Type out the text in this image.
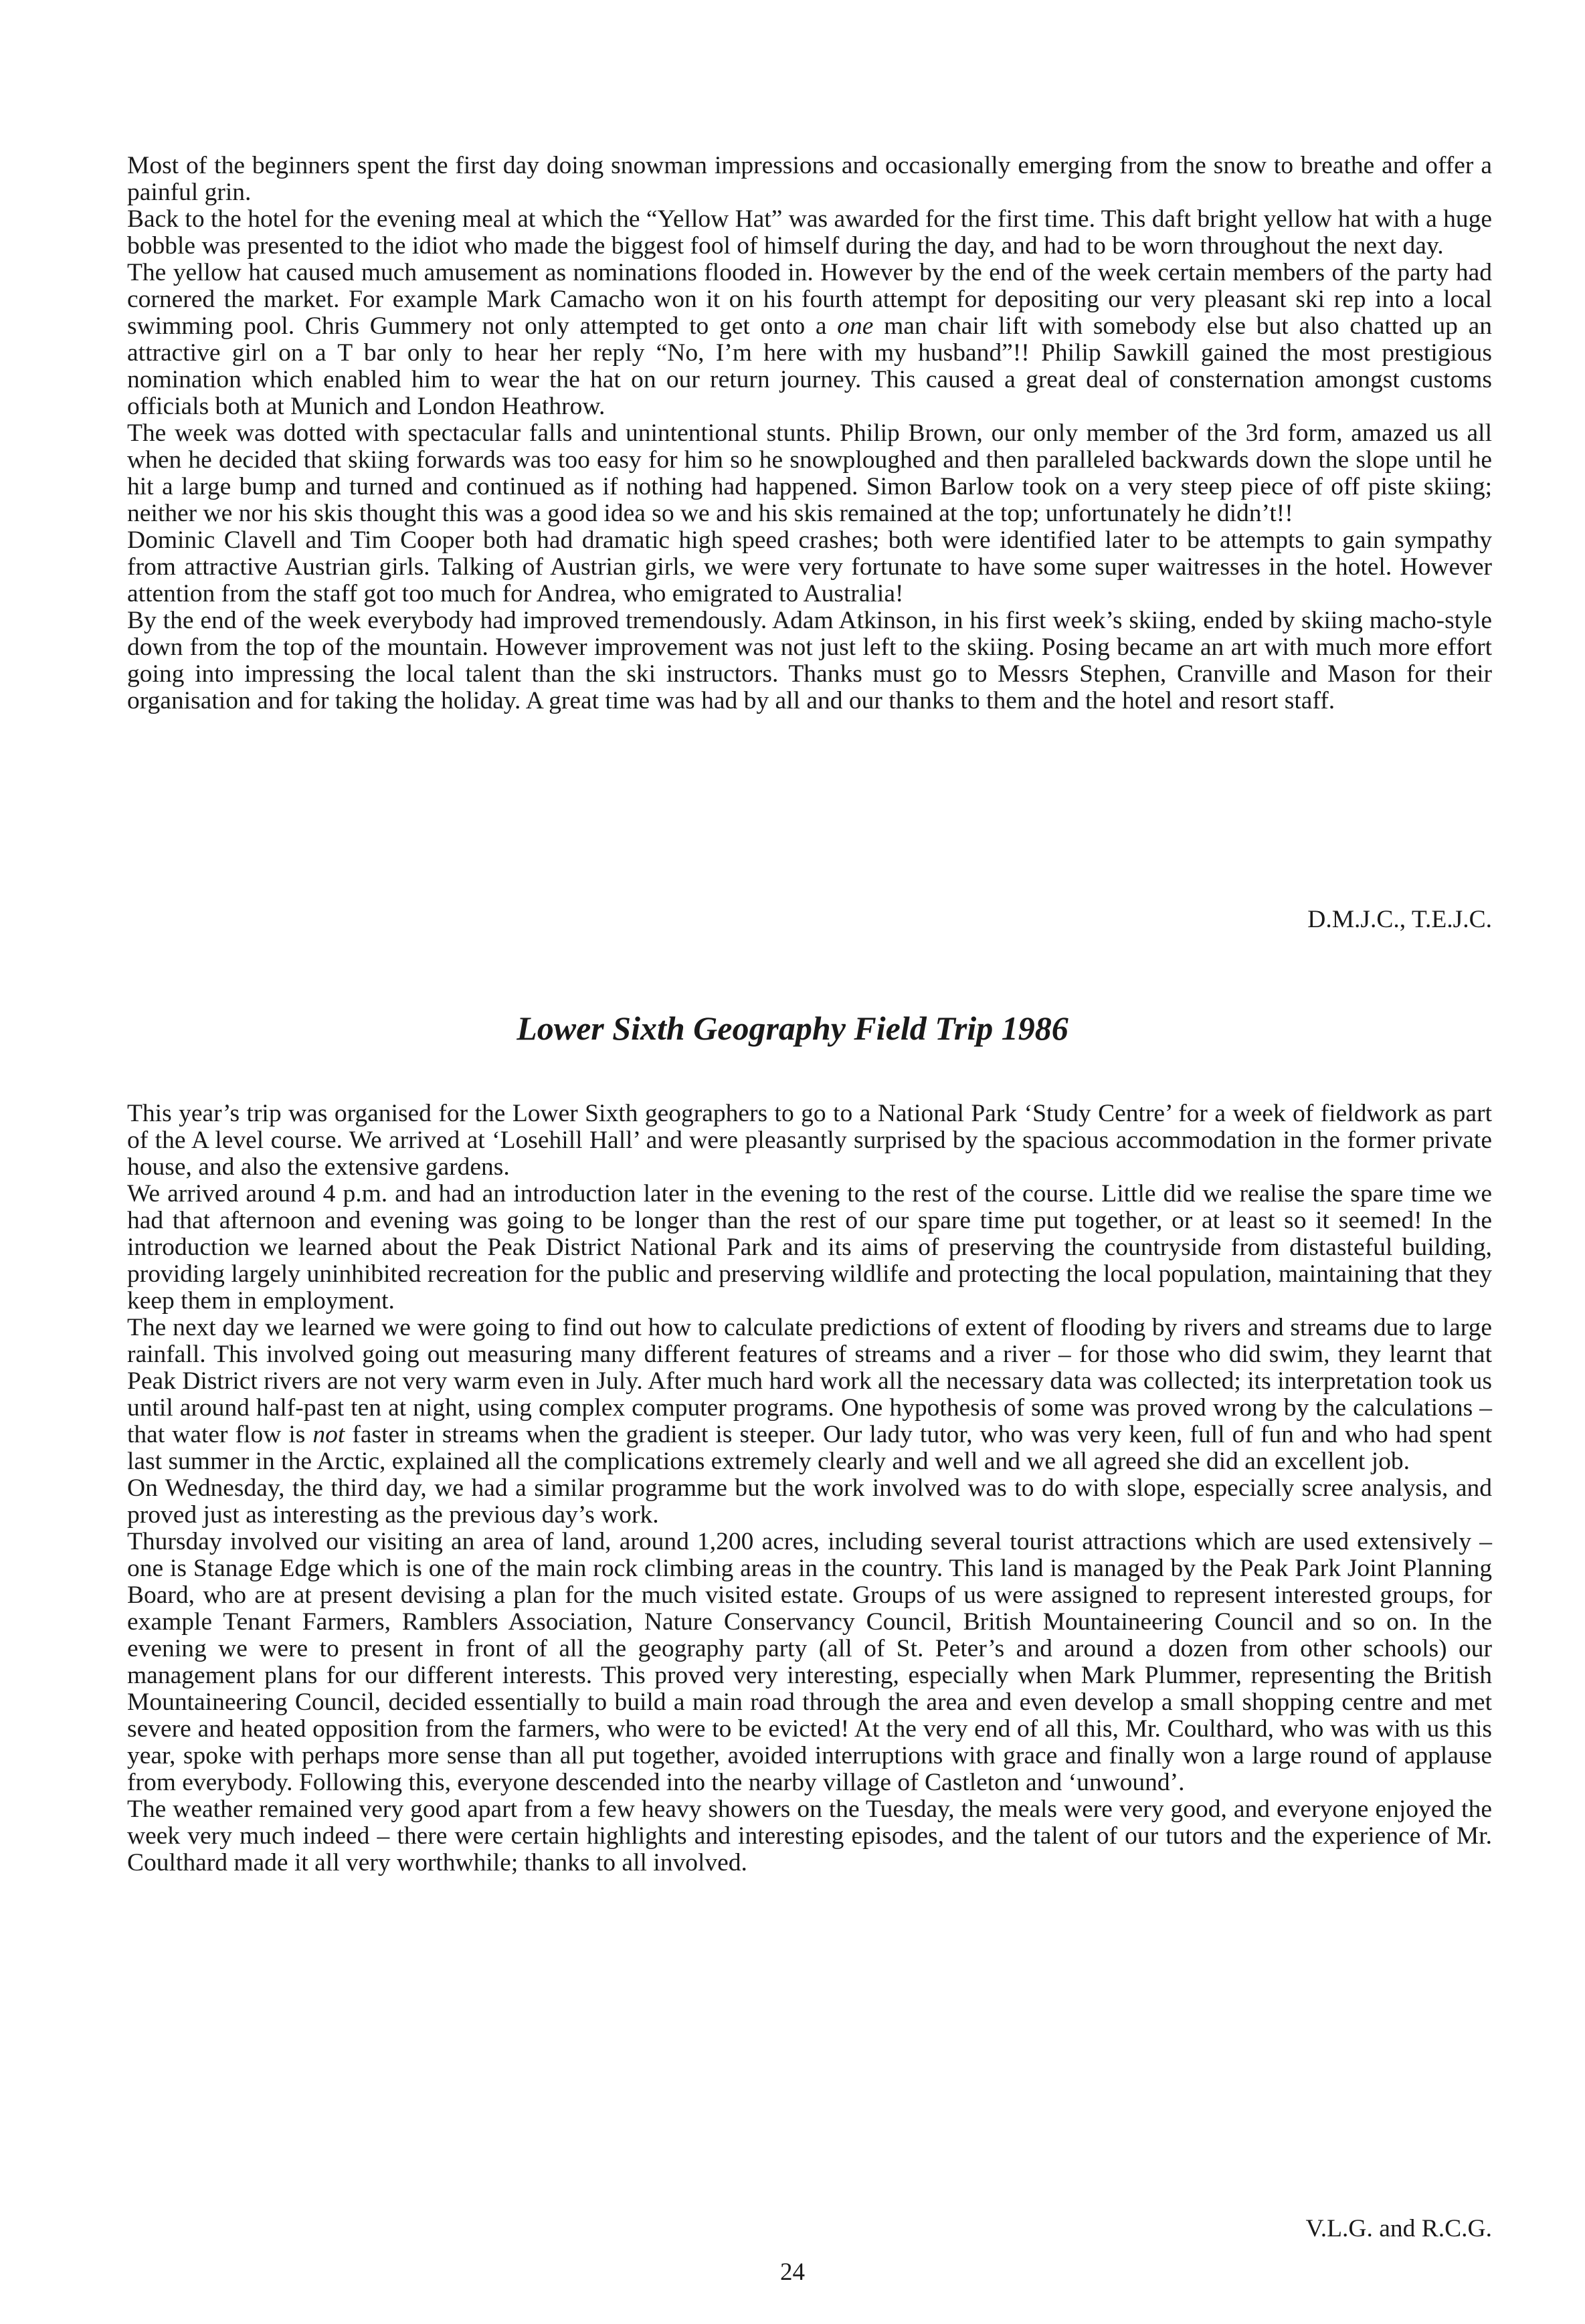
Most of the beginners spent the first day doing snowman impressions and occasionally emerging from the snow to breathe and offer a painful grin.

Back to the hotel for the evening meal at which the “Yellow Hat” was awarded for the first time. This daft bright yellow hat with a huge bobble was presented to the idiot who made the biggest fool of himself during the day, and had to be worn throughout the next day.

The yellow hat caused much amusement as nominations flooded in. However by the end of the week certain members of the party had cornered the market. For example Mark Camacho won it on his fourth attempt for depositing our very pleasant ski rep into a local swimming pool. Chris Gummery not only attempted to get onto a one man chair lift with somebody else but also chatted up an attractive girl on a T bar only to hear her reply “No, I’m here with my husband”!! Philip Sawkill gained the most prestigious nomination which enabled him to wear the hat on our return journey. This caused a great deal of consternation amongst customs officials both at Munich and London Heathrow.

The week was dotted with spectacular falls and unintentional stunts. Philip Brown, our only member of the 3rd form, amazed us all when he decided that skiing forwards was too easy for him so he snowploughed and then paralleled backwards down the slope until he hit a large bump and turned and continued as if nothing had happened. Simon Barlow took on a very steep piece of off piste skiing; neither we nor his skis thought this was a good idea so we and his skis remained at the top; unfortunately he didn’t!!

Dominic Clavell and Tim Cooper both had dramatic high speed crashes; both were identified later to be attempts to gain sympathy from attractive Austrian girls. Talking of Austrian girls, we were very fortunate to have some super waitresses in the hotel. However attention from the staff got too much for Andrea, who emigrated to Australia!

By the end of the week everybody had improved tremendously. Adam Atkinson, in his first week’s skiing, ended by skiing macho-style down from the top of the mountain. However improvement was not just left to the skiing. Posing became an art with much more effort going into impressing the local talent than the ski instructors. Thanks must go to Messrs Stephen, Cranville and Mason for their organisation and for taking the holiday. A great time was had by all and our thanks to them and the hotel and resort staff.

D.M.J.C., T.E.J.C.

Lower Sixth Geography Field Trip 1986

This year’s trip was organised for the Lower Sixth geographers to go to a National Park ‘Study Centre’ for a week of fieldwork as part of the A level course. We arrived at ‘Losehill Hall’ and were pleasantly surprised by the spacious accommodation in the former private house, and also the extensive gardens.

We arrived around 4 p.m. and had an introduction later in the evening to the rest of the course. Little did we realise the spare time we had that afternoon and evening was going to be longer than the rest of our spare time put together, or at least so it seemed! In the introduction we learned about the Peak District National Park and its aims of preserving the countryside from distasteful building, providing largely uninhibited recreation for the public and preserving wildlife and protecting the local population, maintaining that they keep them in employment.

The next day we learned we were going to find out how to calculate predictions of extent of flooding by rivers and streams due to large rainfall. This involved going out measuring many different features of streams and a river – for those who did swim, they learnt that Peak District rivers are not very warm even in July. After much hard work all the necessary data was collected; its interpretation took us until around half-past ten at night, using complex computer programs. One hypothesis of some was proved wrong by the calculations – that water flow is not faster in streams when the gradient is steeper. Our lady tutor, who was very keen, full of fun and who had spent last summer in the Arctic, explained all the complications extremely clearly and well and we all agreed she did an excellent job.

On Wednesday, the third day, we had a similar programme but the work involved was to do with slope, especially scree analysis, and proved just as interesting as the previous day’s work.

Thursday involved our visiting an area of land, around 1,200 acres, including several tourist attractions which are used extensively – one is Stanage Edge which is one of the main rock climbing areas in the country. This land is managed by the Peak Park Joint Planning Board, who are at present devising a plan for the much visited estate. Groups of us were assigned to represent interested groups, for example Tenant Farmers, Ramblers Association, Nature Conservancy Council, British Mountaineering Council and so on. In the evening we were to present in front of all the geography party (all of St. Peter’s and around a dozen from other schools) our management plans for our different interests. This proved very interesting, especially when Mark Plummer, representing the British Mountaineering Council, decided essentially to build a main road through the area and even develop a small shopping centre and met severe and heated opposition from the farmers, who were to be evicted! At the very end of all this, Mr. Coulthard, who was with us this year, spoke with perhaps more sense than all put together, avoided interruptions with grace and finally won a large round of applause from everybody. Following this, everyone descended into the nearby village of Castleton and ‘unwound’.

The weather remained very good apart from a few heavy showers on the Tuesday, the meals were very good, and everyone enjoyed the week very much indeed – there were certain highlights and interesting episodes, and the talent of our tutors and the experience of Mr. Coulthard made it all very worthwhile; thanks to all involved.

V.L.G. and R.C.G.

24
